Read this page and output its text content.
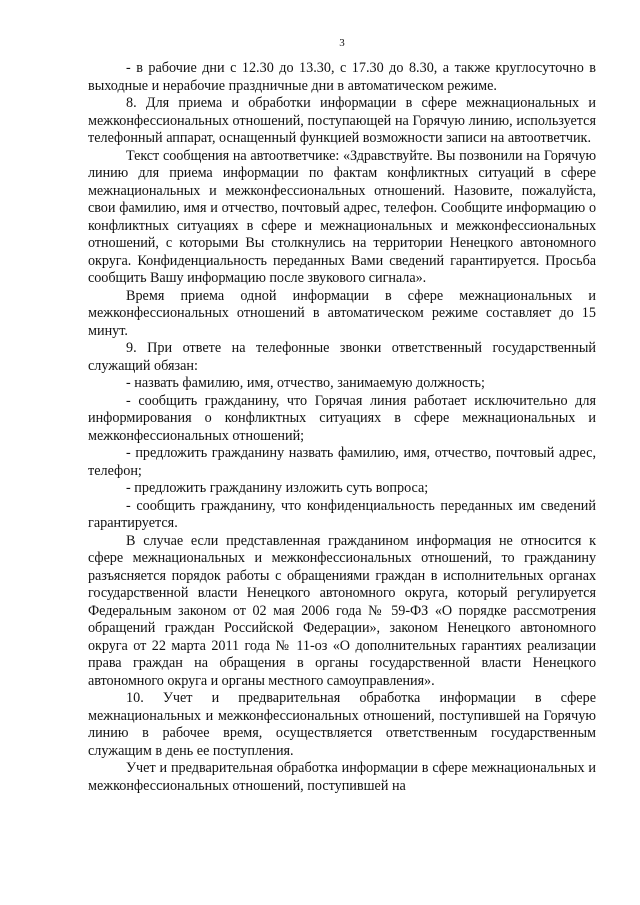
3

- в рабочие дни с 12.30 до 13.30, с 17.30 до 8.30, а также круглосуточно в выходные и нерабочие праздничные дни в автоматическом режиме.

8. Для приема и обработки информации в сфере межнациональных и межконфессиональных отношений, поступающей на Горячую линию, используется телефонный аппарат, оснащенный функцией возможности записи на автоответчик.

Текст сообщения на автоответчике: «Здравствуйте. Вы позвонили на Горячую линию для приема информации по фактам конфликтных ситуаций в сфере межнациональных и межконфессиональных отношений. Назовите, пожалуйста, свои фамилию, имя и отчество, почтовый адрес, телефон. Сообщите информацию о конфликтных ситуациях в сфере и межнациональных и межконфессиональных отношений, с которыми Вы столкнулись на территории Ненецкого автономного округа. Конфиденциальность переданных Вами сведений гарантируется. Просьба сообщить Вашу информацию после звукового сигнала».

Время приема одной информации в сфере межнациональных и межконфессиональных отношений в автоматическом режиме составляет до 15 минут.

9. При ответе на телефонные звонки ответственный государственный служащий обязан:

- назвать фамилию, имя, отчество, занимаемую должность;

- сообщить гражданину, что Горячая линия работает исключительно для информирования о конфликтных ситуациях в сфере межнациональных и межконфессиональных отношений;

- предложить гражданину назвать фамилию, имя, отчество, почтовый адрес, телефон;

- предложить гражданину изложить суть вопроса;

- сообщить гражданину, что конфиденциальность переданных им сведений гарантируется.

В случае если представленная гражданином информация не относится к сфере межнациональных и межконфессиональных отношений, то гражданину разъясняется порядок работы с обращениями граждан в исполнительных органах государственной власти Ненецкого автономного округа, который регулируется Федеральным законом от 02 мая 2006 года № 59-ФЗ «О порядке рассмотрения обращений граждан Российской Федерации», законом Ненецкого автономного округа от 22 марта 2011 года № 11-оз «О дополнительных гарантиях реализации права граждан на обращения в органы государственной власти Ненецкого автономного округа и органы местного самоуправления».

10. Учет и предварительная обработка информации в сфере межнациональных и межконфессиональных отношений, поступившей на Горячую линию в рабочее время, осуществляется ответственным государственным служащим в день ее поступления.

Учет и предварительная обработка информации в сфере межнациональных и межконфессиональных отношений, поступившей на
